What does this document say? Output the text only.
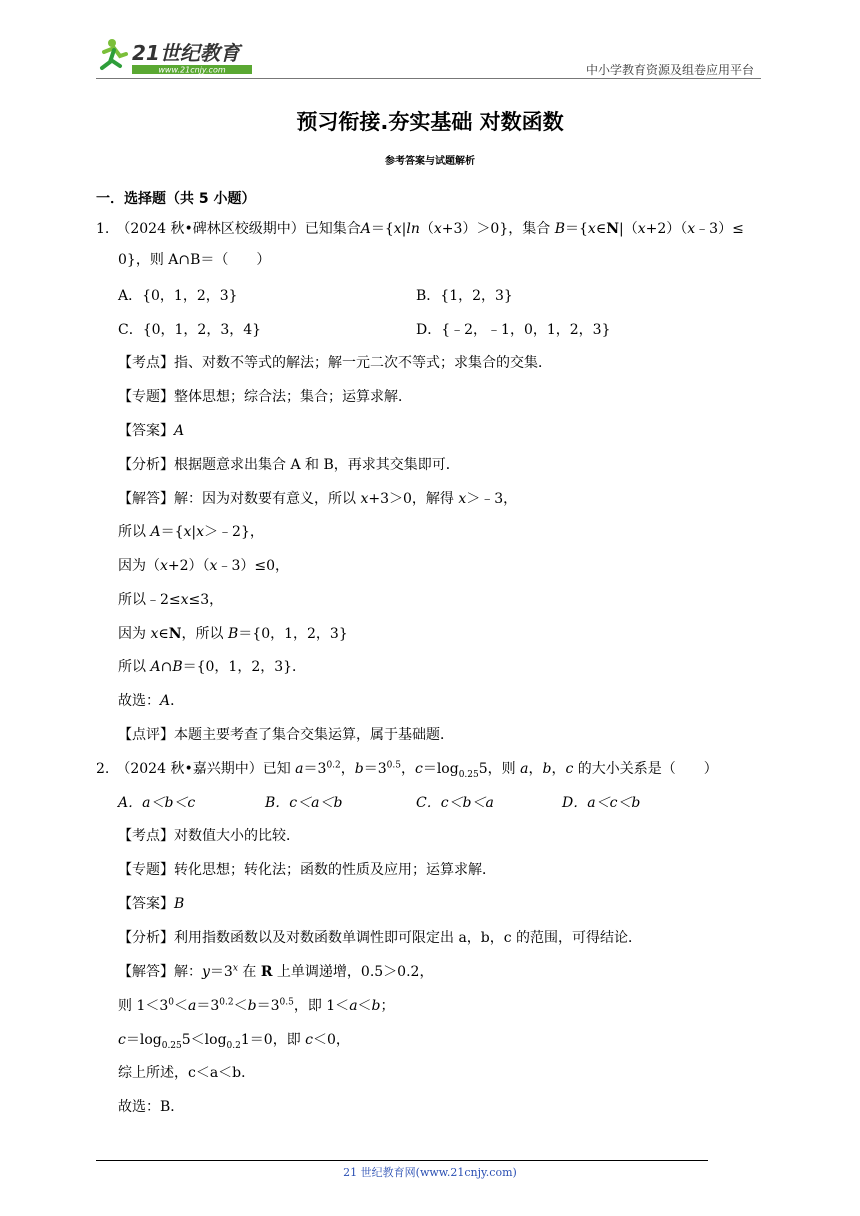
21世纪教育
www.21cnjy.com	中小学教育资源及组卷应用平台
预习衔接.夯实基础 对数函数
参考答案与试题解析
一．选择题（共 5 小题）
1.　（2024 秋•碑林区校级期中）已知集合A＝{x|ln（x+3）＞0}，集合 B＝{x∈N|（x+2）（x﹣3）≤
0}，则 A∩B＝（　　）
A．{0，1，2，3}	B．{1，2，3}
C．{0，1，2，3，4}	D．{﹣2，﹣1，0，1，2，3}
【考点】指、对数不等式的解法；解一元二次不等式；求集合的交集．
【专题】整体思想；综合法；集合；运算求解．
【答案】A
【分析】根据题意求出集合 A 和 B，再求其交集即可．
【解答】解：因为对数要有意义，所以 x+3＞0，解得 x＞﹣3，
所以 A＝{x|x＞﹣2}，
因为（x+2）（x﹣3）≤0，
所以﹣2≤x≤3，
因为 x∈N，所以 B＝{0，1，2，3}
所以 A∩B＝{0，1，2，3}．
故选：A．
【点评】本题主要考查了集合交集运算，属于基础题．
2.　（2024 秋•嘉兴期中）已知 $a=3^{0.2}$，$b=3^{0.5}$，$c=\log_{0.25}5$，则 a，b，c 的大小关系是（　　）
A．a＜b＜c	B．c＜a＜b	C．c＜b＜a	D．a＜c＜b
【考点】对数值大小的比较．
【专题】转化思想；转化法；函数的性质及应用；运算求解．
【答案】B
【分析】利用指数函数以及对数函数单调性即可限定出 a，b，c 的范围，可得结论．
【解答】解：$y=3^x$ 在 R 上单调递增，0.5＞0.2，
则 $1<3^0<a=3^{0.2}<b=3^{0.5}$，即 1＜a＜b；
$c=\log_{0.25}5<\log_{0.2}1=0$，即 c＜0，
综上所述，c＜a＜b．
故选：B．
21 世纪教育网(www.21cnjy.com)
